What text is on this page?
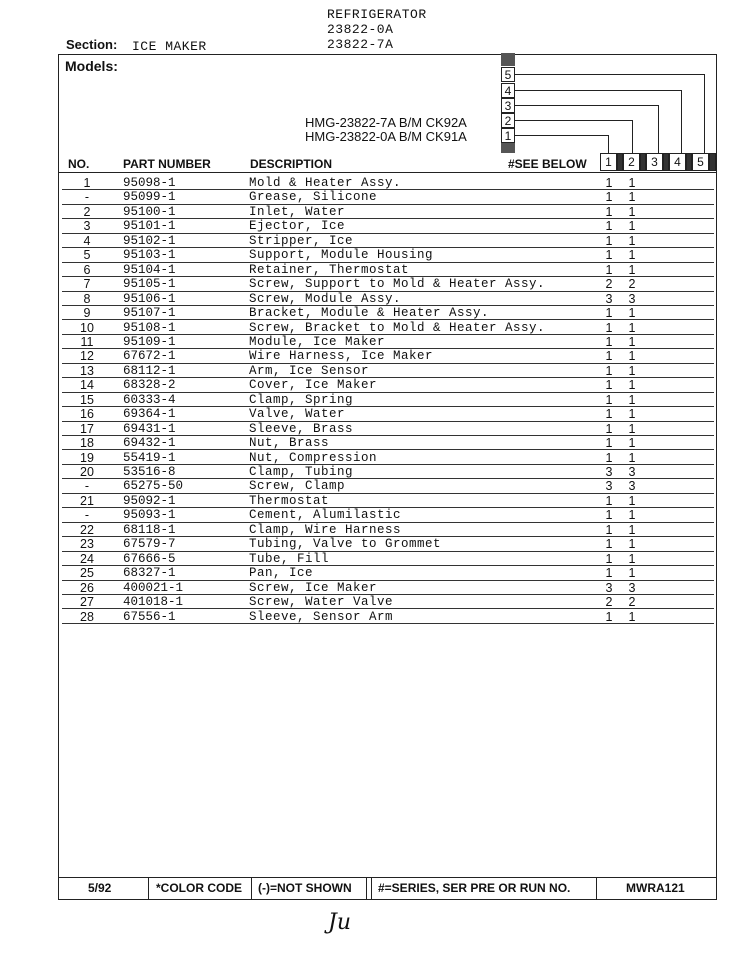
REFRIGERATOR
23822-0A
23822-7A
Section: ICE MAKER
Models:
HMG-23822-7A B/M CK92A
HMG-23822-0A B/M CK91A
5
4
3
2
1
NO.	PART NUMBER	DESCRIPTION	#SEE BELOW	1	2	3	4	5
1	95098-1	Mold & Heater Assy.	1 1
-	95099-1	Grease, Silicone	1 1
2	95100-1	Inlet, Water	1 1
3	95101-1	Ejector, Ice	1 1
4	95102-1	Stripper, Ice	1 1
5	95103-1	Support, Module Housing	1 1
6	95104-1	Retainer, Thermostat	1 1
7	95105-1	Screw, Support to Mold & Heater Assy.	2 2
8	95106-1	Screw, Module Assy.	3 3
9	95107-1	Bracket, Module & Heater Assy.	1 1
10	95108-1	Screw, Bracket to Mold & Heater Assy.	1 1
11	95109-1	Module, Ice Maker	1 1
12	67672-1	Wire Harness, Ice Maker	1 1
13	68112-1	Arm, Ice Sensor	1 1
14	68328-2	Cover, Ice Maker	1 1
15	60333-4	Clamp, Spring	1 1
16	69364-1	Valve, Water	1 1
17	69431-1	Sleeve, Brass	1 1
18	69432-1	Nut, Brass	1 1
19	55419-1	Nut, Compression	1 1
20	53516-8	Clamp, Tubing	3 3
-	65275-50	Screw, Clamp	3 3
21	95092-1	Thermostat	1 1
-	95093-1	Cement, Alumilastic	1 1
22	68118-1	Clamp, Wire Harness	1 1
23	67579-7	Tubing, Valve to Grommet	1 1
24	67666-5	Tube, Fill	1 1
25	68327-1	Pan, Ice	1 1
26	400021-1	Screw, Ice Maker	3 3
27	401018-1	Screw, Water Valve	2 2
28	67556-1	Sleeve, Sensor Arm	1 1
5/92	*COLOR CODE (-)=NOT SHOWN #=SERIES, SER PRE OR RUN NO.	MWRA121
Ju
